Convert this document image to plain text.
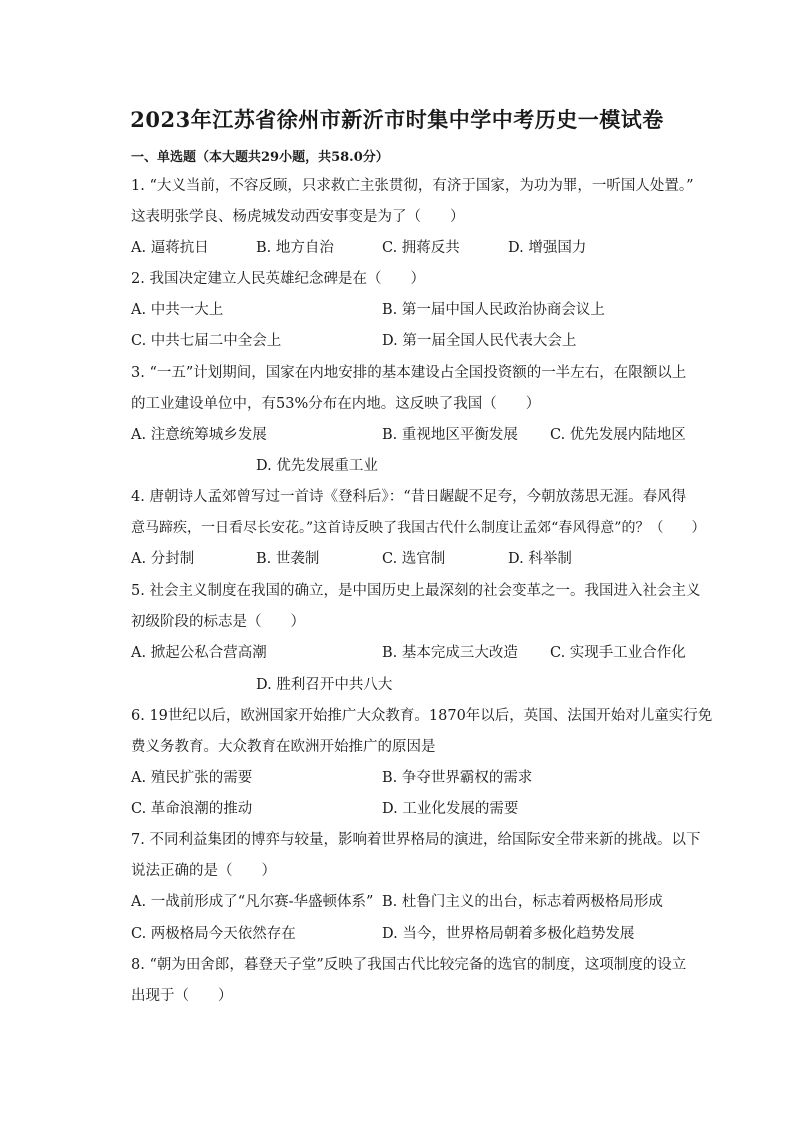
2023年江苏省徐州市新沂市时集中学中考历史一模试卷
一、单选题（本大题共29小题，共58.0分）
1. “大义当前，不容反顾，只求救亡主张贯彻，有济于国家，为功为罪，一听国人处置。”
这表明张学良、杨虎城发动西安事变是为了（　　）
A. 逼蒋抗日	B. 地方自治	C. 拥蒋反共	D. 增强国力
2. 我国决定建立人民英雄纪念碑是在（　　）
A. 中共一大上	B. 第一届中国人民政治协商会议上
C. 中共七届二中全会上	D. 第一届全国人民代表大会上
3. “一五”计划期间，国家在内地安排的基本建设占全国投资额的一半左右，在限额以上
的工业建设单位中，有53%分布在内地。这反映了我国（　　）
A. 注意统筹城乡发展	B. 重视地区平衡发展 C. 优先发展内陆地区
D. 优先发展重工业
4. 唐朝诗人孟郊曾写过一首诗《登科后》：“昔日龌龊不足夸，今朝放荡思无涯。春风得
意马蹄疾，一日看尽长安花。”这首诗反映了我国古代什么制度让孟郊“春风得意”的？（　　）
A. 分封制	B. 世袭制	C. 选官制	D. 科举制
5. 社会主义制度在我国的确立，是中国历史上最深刻的社会变革之一。我国进入社会主义
初级阶段的标志是（　　）
A. 掀起公私合营高潮	B. 基本完成三大改造 C. 实现手工业合作化
D. 胜利召开中共八大
6. 19世纪以后，欧洲国家开始推广大众教育。1870年以后，英国、法国开始对儿童实行免
费义务教育。大众教育在欧洲开始推广的原因是
A. 殖民扩张的需要	B. 争夺世界霸权的需求
C. 革命浪潮的推动	D. 工业化发展的需要
7. 不同利益集团的博弈与较量，影响着世界格局的演进，给国际安全带来新的挑战。以下
说法正确的是（　　）
A. 一战前形成了“凡尔赛-华盛顿体系” B. 杜鲁门主义的出台，标志着两极格局形成
C. 两极格局今天依然存在	D. 当今，世界格局朝着多极化趋势发展
8. “朝为田舍郎，暮登天子堂”反映了我国古代比较完备的选官的制度，这项制度的设立
出现于（　　）
